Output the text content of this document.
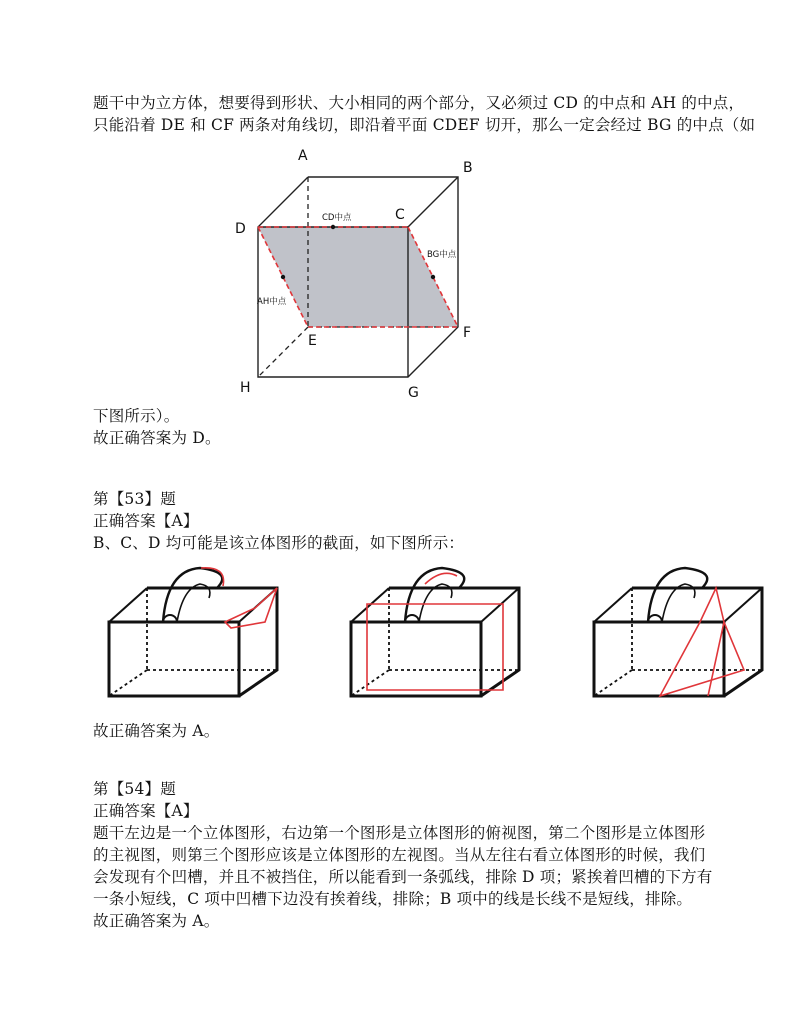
题干中为立方体，想要得到形状、大小相同的两个部分，又必须过 CD 的中点和 AH 的中点，
只能沿着 DE 和 CF 两条对角线切，即沿着平面 CDEF 切开，那么一定会经过 BG 的中点（如
A
B
C
D
E	F
G
H
CD中点
BG中点
AH中点
下图所示）。
故正确答案为 D。
第【53】题
正确答案【A】
B、C、D 均可能是该立体图形的截面，如下图所示：
故正确答案为 A。
第【54】题
正确答案【A】
题干左边是一个立体图形，右边第一个图形是立体图形的俯视图，第二个图形是立体图形
的主视图，则第三个图形应该是立体图形的左视图。当从左往右看立体图形的时候，我们
会发现有个凹槽，并且不被挡住，所以能看到一条弧线，排除 D 项；紧挨着凹槽的下方有
一条小短线，C 项中凹槽下边没有挨着线，排除；B 项中的线是长线不是短线，排除。
故正确答案为 A。
